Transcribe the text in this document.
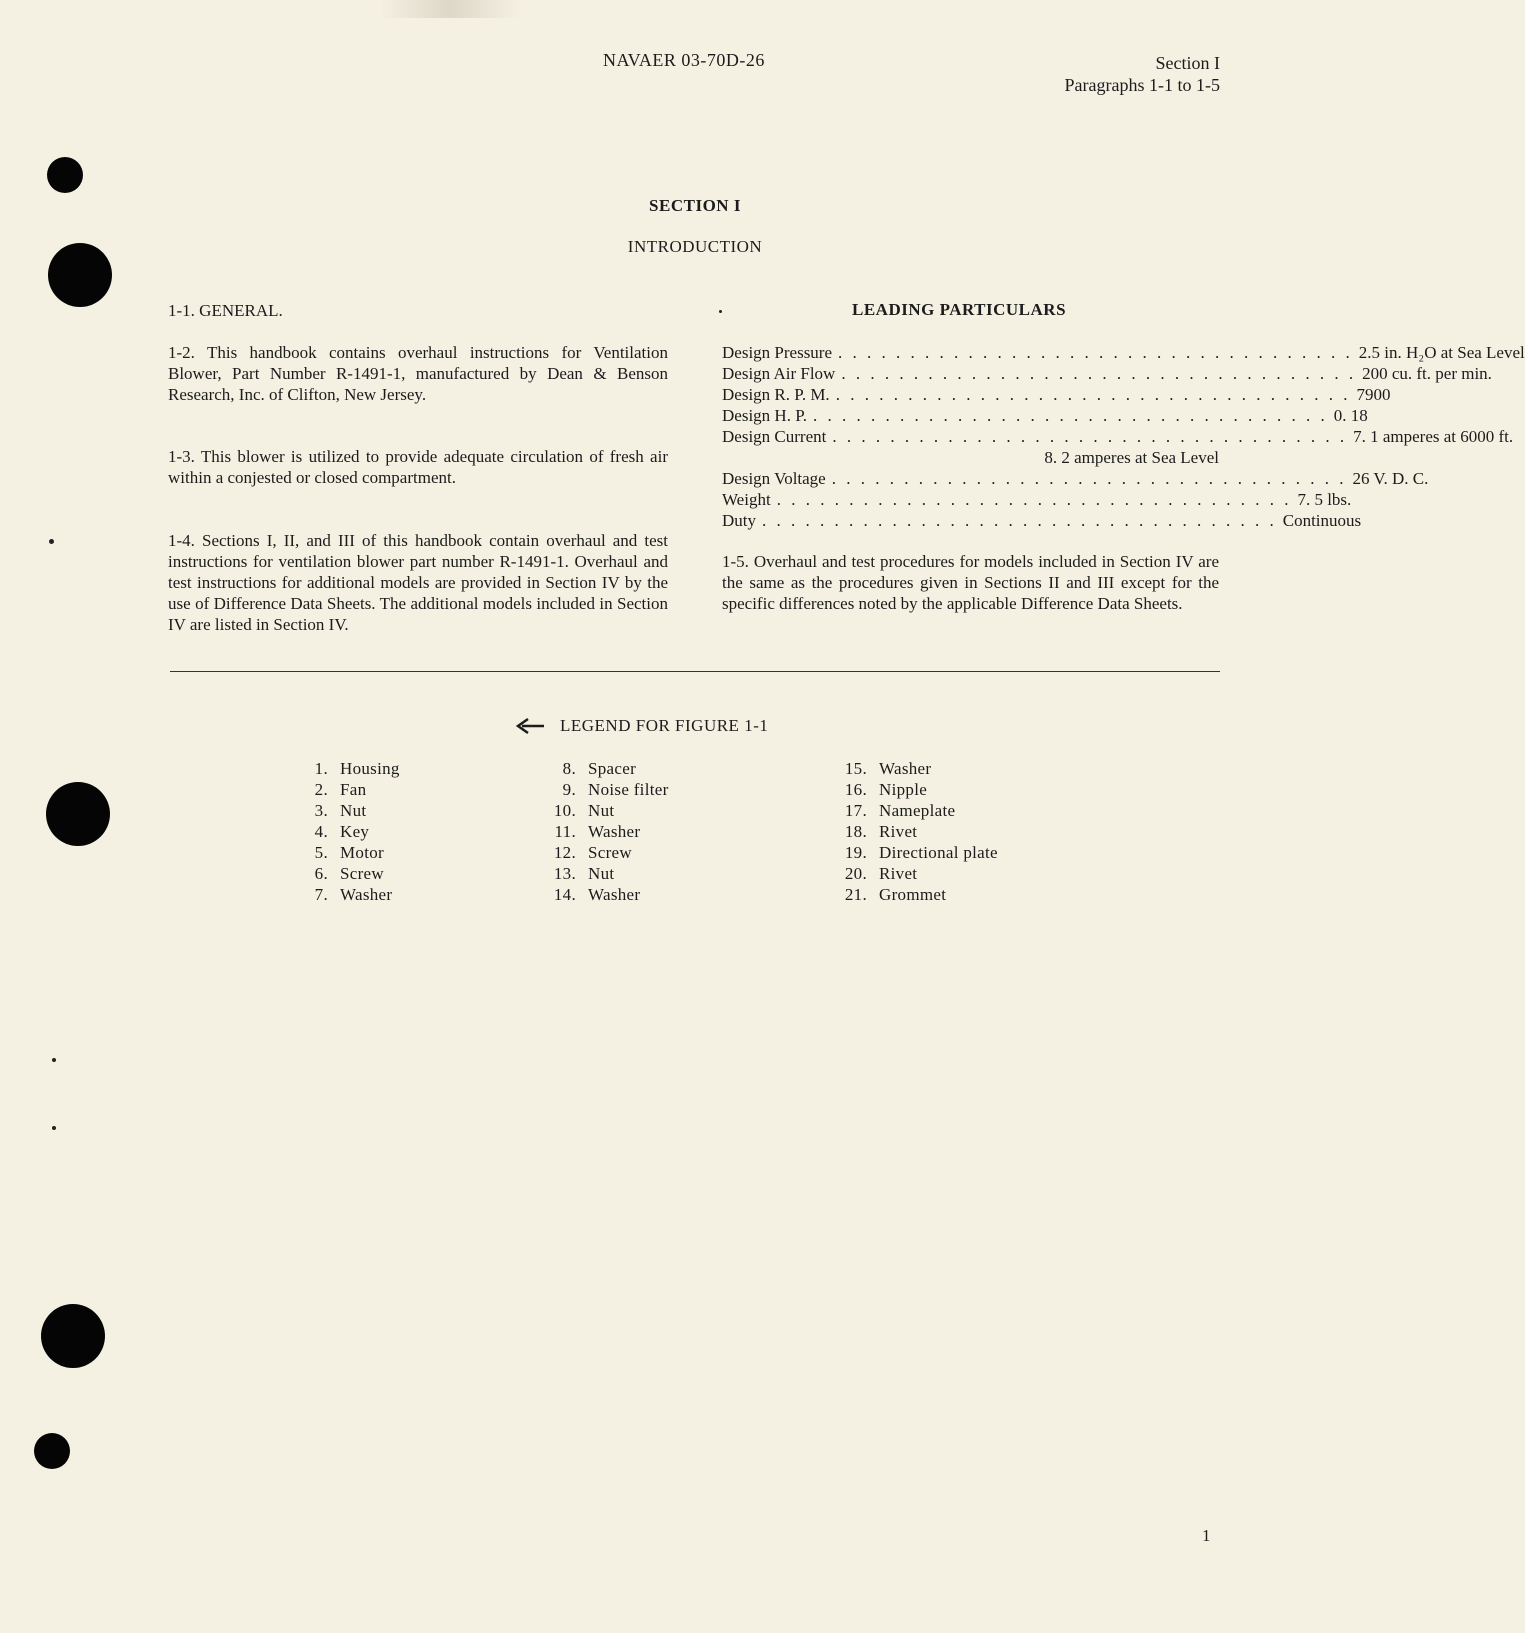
NAVAER 03-70D-26	Section I
Paragraphs 1-1 to 1-5
SECTION I
INTRODUCTION
1-1. GENERAL.

1-2. This handbook contains overhaul instructions for Ventilation Blower, Part Number R-1491-1, manufactured by Dean & Benson Research, Inc. of Clifton, New Jersey.

1-3. This blower is utilized to provide adequate circulation of fresh air within a conjested or closed compartment.

1-4. Sections I, II, and III of this handbook contain overhaul and test instructions for ventilation blower part number R-1491-1. Overhaul and test instructions for additional models are provided in Section IV by the use of Difference Data Sheets. The additional models included in Section IV are listed in Section IV.

LEADING PARTICULARS
Design Pressure . . . . . . . . . . . . . . . . . . . . . . . . . . . . . . . . . . . . 2.5 in. H₂O at Sea Level
Design Air Flow . . . . . . . . . . . . . . . . . . . . . . . . . . . . . . . . . . . . 200 cu. ft. per min.
Design R. P. M. . . . . . . . . . . . . . . . . . . . . . . . . . . . . . . . . . . . . 7900
Design H. P. . . . . . . . . . . . . . . . . . . . . . . . . . . . . . . . . . . . . 0. 18
Design Current . . . . . . . . . . . . . . . . . . . . . . . . . . . . . . . . . . . . 7. 1 amperes at 6000 ft.
8. 2 amperes at Sea Level
Design Voltage . . . . . . . . . . . . . . . . . . . . . . . . . . . . . . . . . . . . 26 V. D. C.
Weight . . . . . . . . . . . . . . . . . . . . . . . . . . . . . . . . . . . . 7. 5 lbs.
Duty . . . . . . . . . . . . . . . . . . . . . . . . . . . . . . . . . . . . Continuous

1-5. Overhaul and test procedures for models included in Section IV are the same as the procedures given in Sections II and III except for the specific differences noted by the applicable Difference Data Sheets.

LEGEND FOR FIGURE 1-1
1. Housing
2. Fan
3. Nut
4. Key
5. Motor
6. Screw
7. Washer
8. Spacer
9. Noise filter
10. Nut
11. Washer
12. Screw
13. Nut
14. Washer
15. Washer
16. Nipple
17. Nameplate
18. Rivet
19. Directional plate
20. Rivet
21. Grommet
1
